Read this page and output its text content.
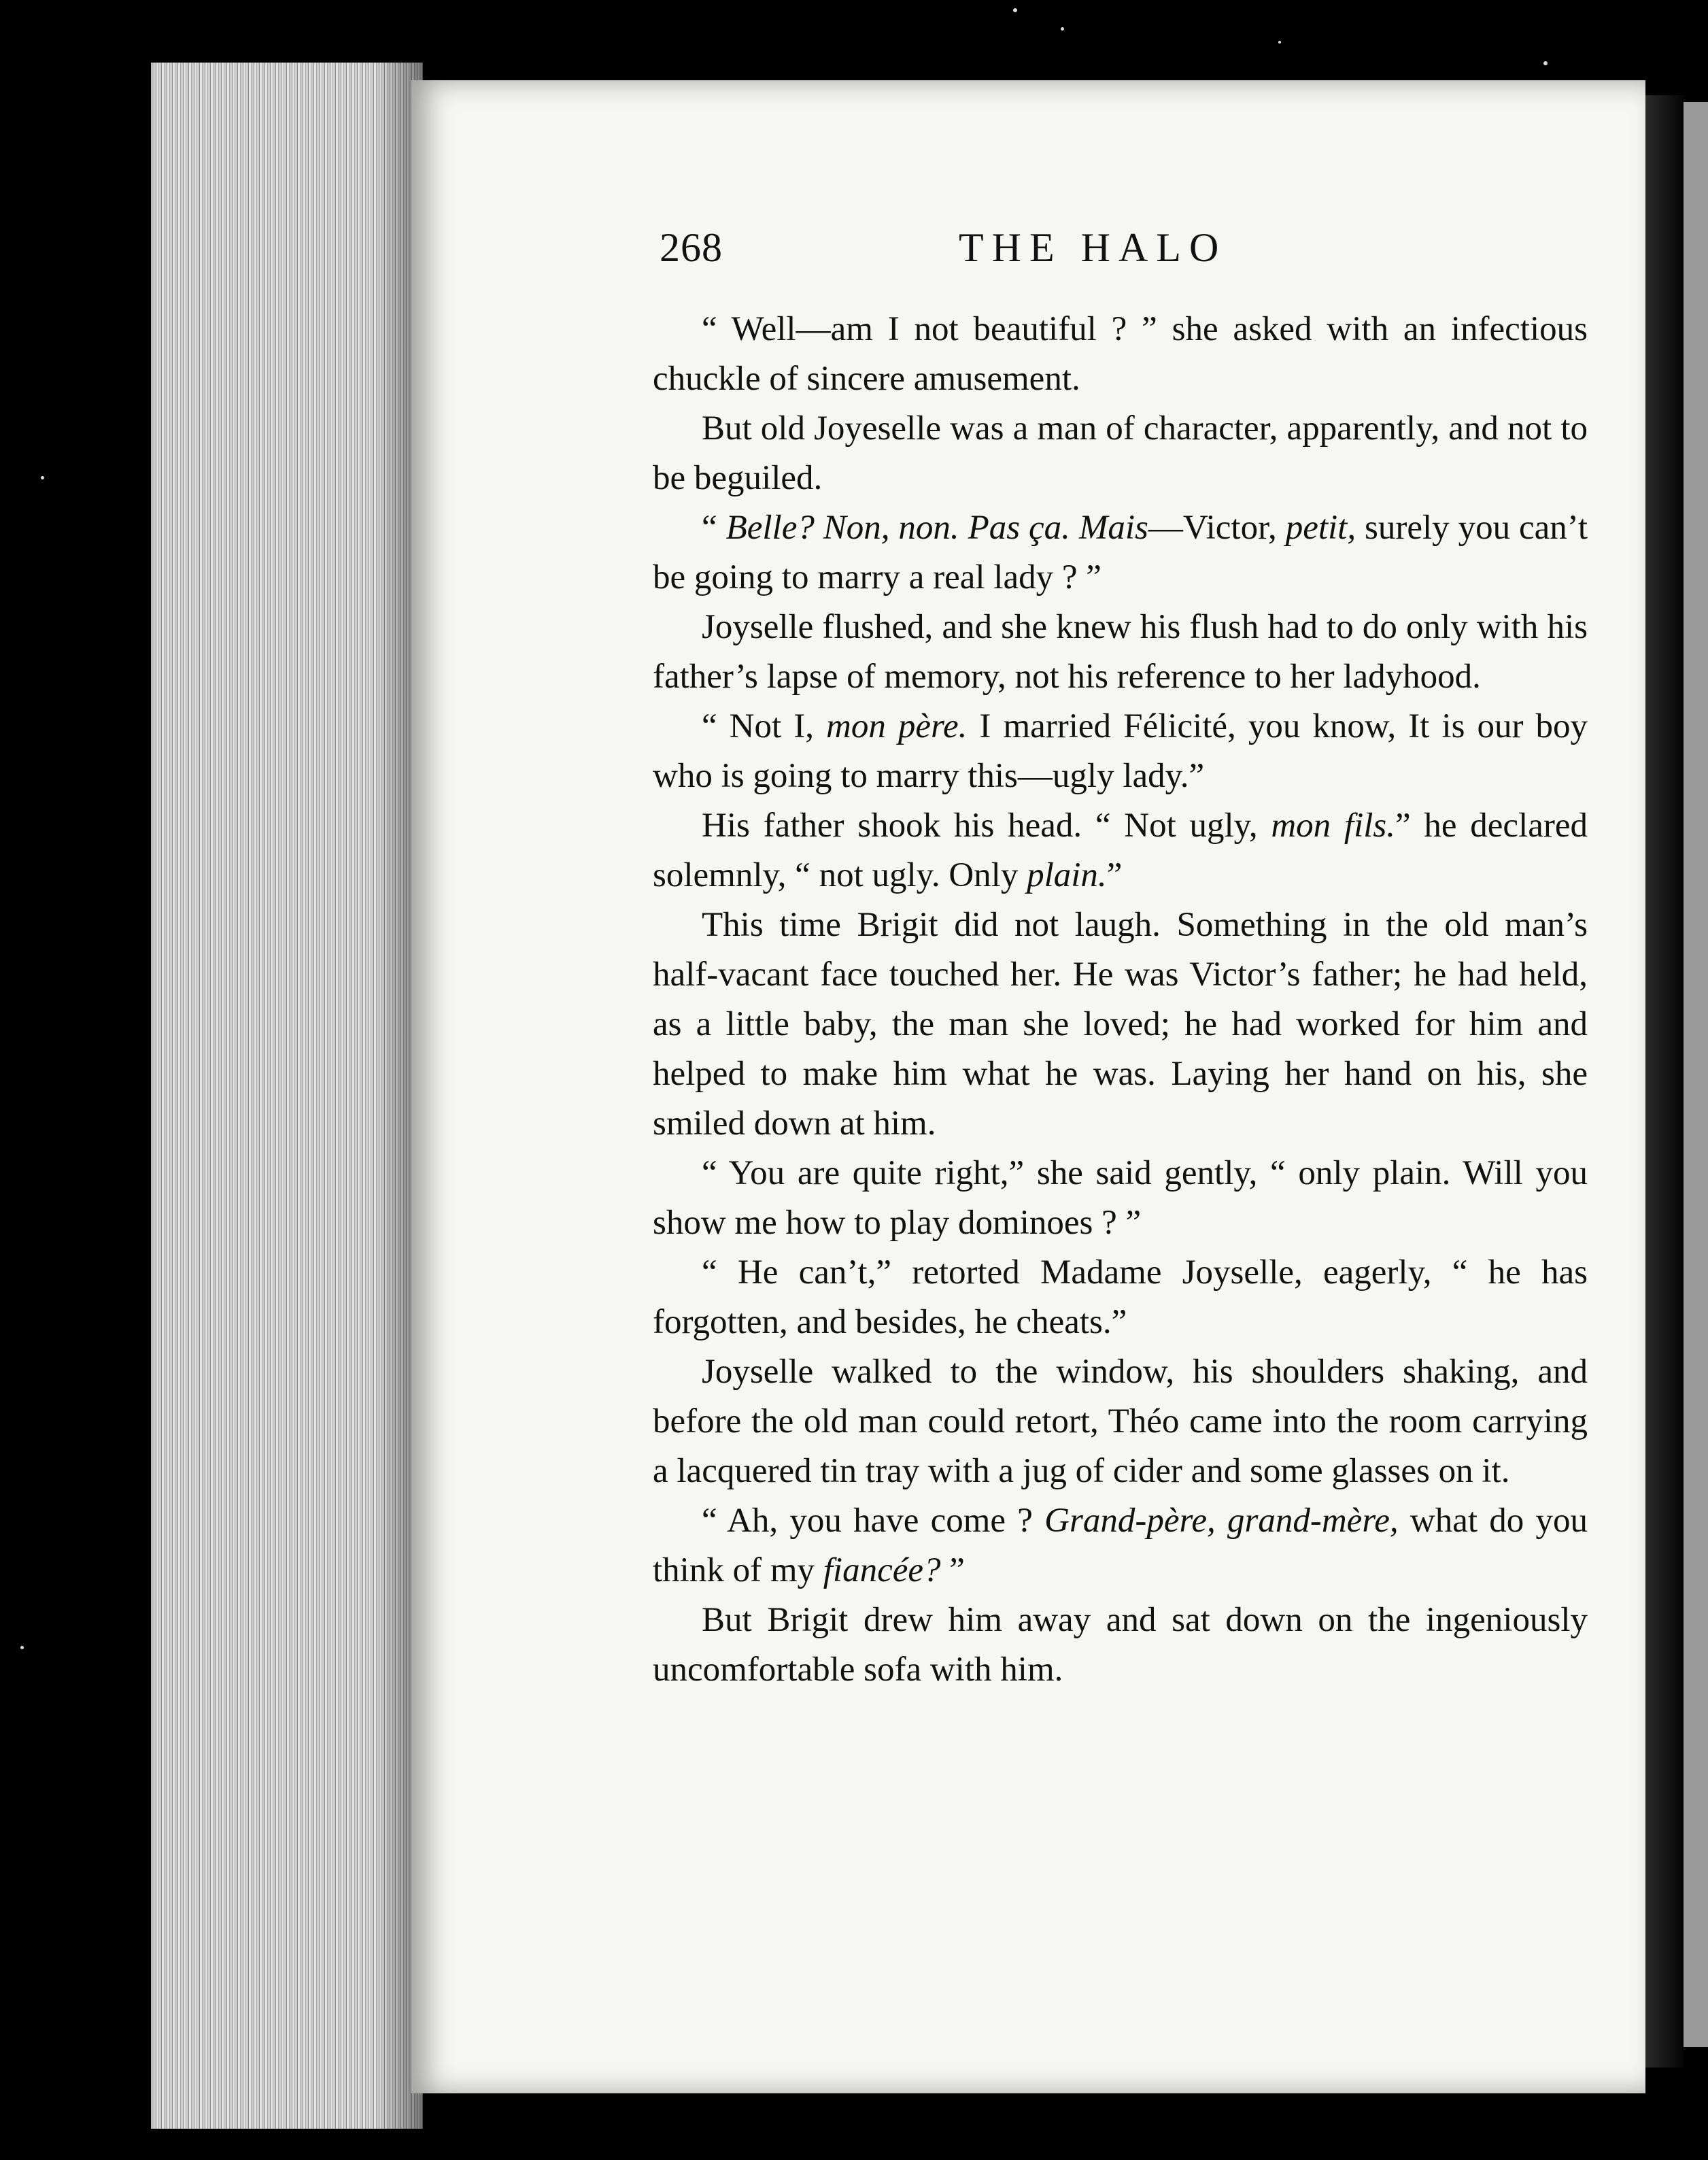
268	THE HALO

“ Well—am I not beautiful ? ” she asked with an infectious chuckle of sincere amusement.

But old Joyeselle was a man of character, apparently, and not to be beguiled.

“ Belle? Non, non. Pas ça. Mais—Victor, petit, surely you can’t be going to marry a real lady ? ”

Joyselle flushed, and she knew his flush had to do only with his father’s lapse of memory, not his reference to her ladyhood.

“ Not I, mon père. I married Félicité, you know, It is our boy who is going to marry this—ugly lady.”

His father shook his head. “ Not ugly, mon fils.” he declared solemnly, “ not ugly. Only plain.”

This time Brigit did not laugh. Something in the old man’s half-vacant face touched her. He was Victor’s father; he had held, as a little baby, the man she loved; he had worked for him and helped to make him what he was. Laying her hand on his, she smiled down at him.

“ You are quite right,” she said gently, “ only plain. Will you show me how to play dominoes ? ”

“ He can’t,” retorted Madame Joyselle, eagerly, “ he has forgotten, and besides, he cheats.”

Joyselle walked to the window, his shoulders shaking, and before the old man could retort, Théo came into the room carrying a lacquered tin tray with a jug of cider and some glasses on it.

“ Ah, you have come ? Grand-père, grand-mère, what do you think of my fiancée? ”

But Brigit drew him away and sat down on the ingeniously uncomfortable sofa with him.
